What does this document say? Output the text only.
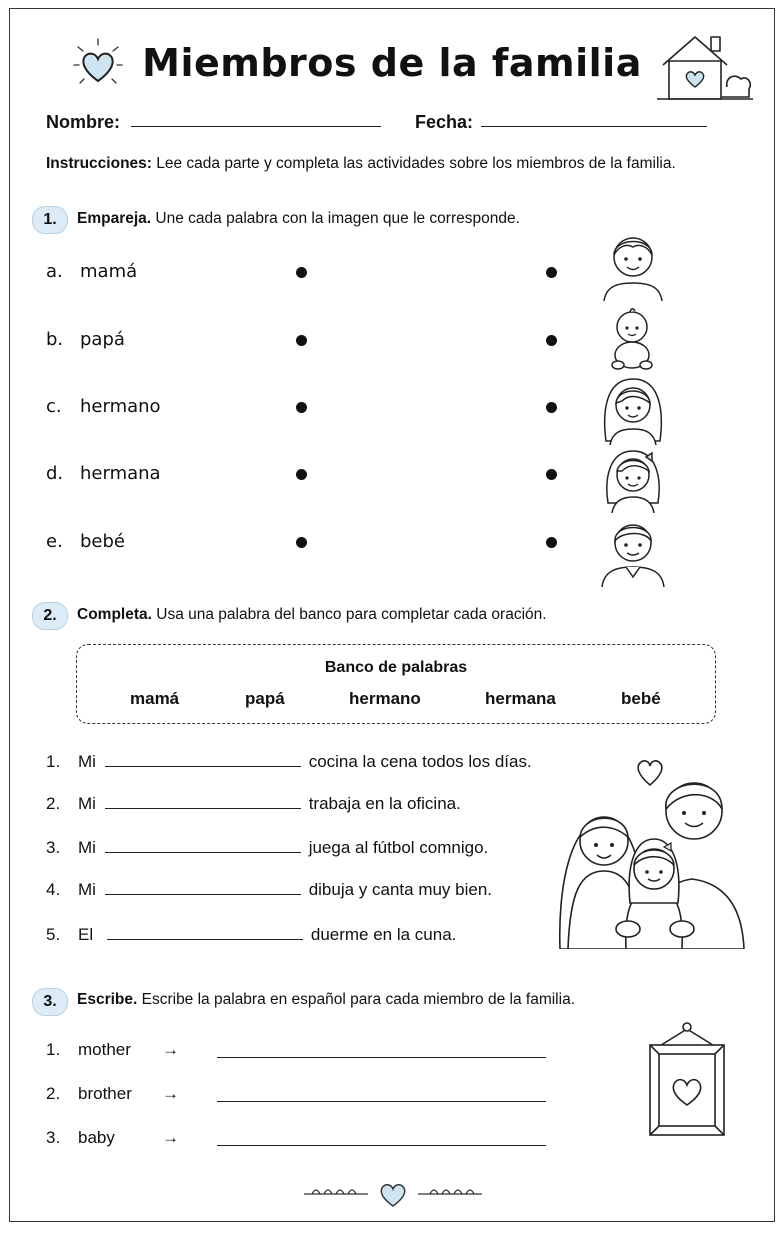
Miembros de la familia
Nombre:	Fecha:
Instrucciones: Lee cada parte y completa las actividades sobre los miembros de la familia.
1.	Empareja. Une cada palabra con la imagen que le corresponde.
a. mamá
b. papá
c. hermano
d. hermana
e. bebé
2.	Completa. Usa una palabra del banco para completar cada oración.
Banco de palabras
mamá	papá	hermano	hermana	bebé
1. Mi	cocina la cena todos los días.
2. Mi	trabaja en la oficina.
3. Mi	juega al fútbol comnigo.
4. Mi	dibuja y canta muy bien.
5. El	duerme en la cuna.
3.	Escribe. Escribe la palabra en español para cada miembro de la familia.
1. mother →
2. brother →
3. baby	→
